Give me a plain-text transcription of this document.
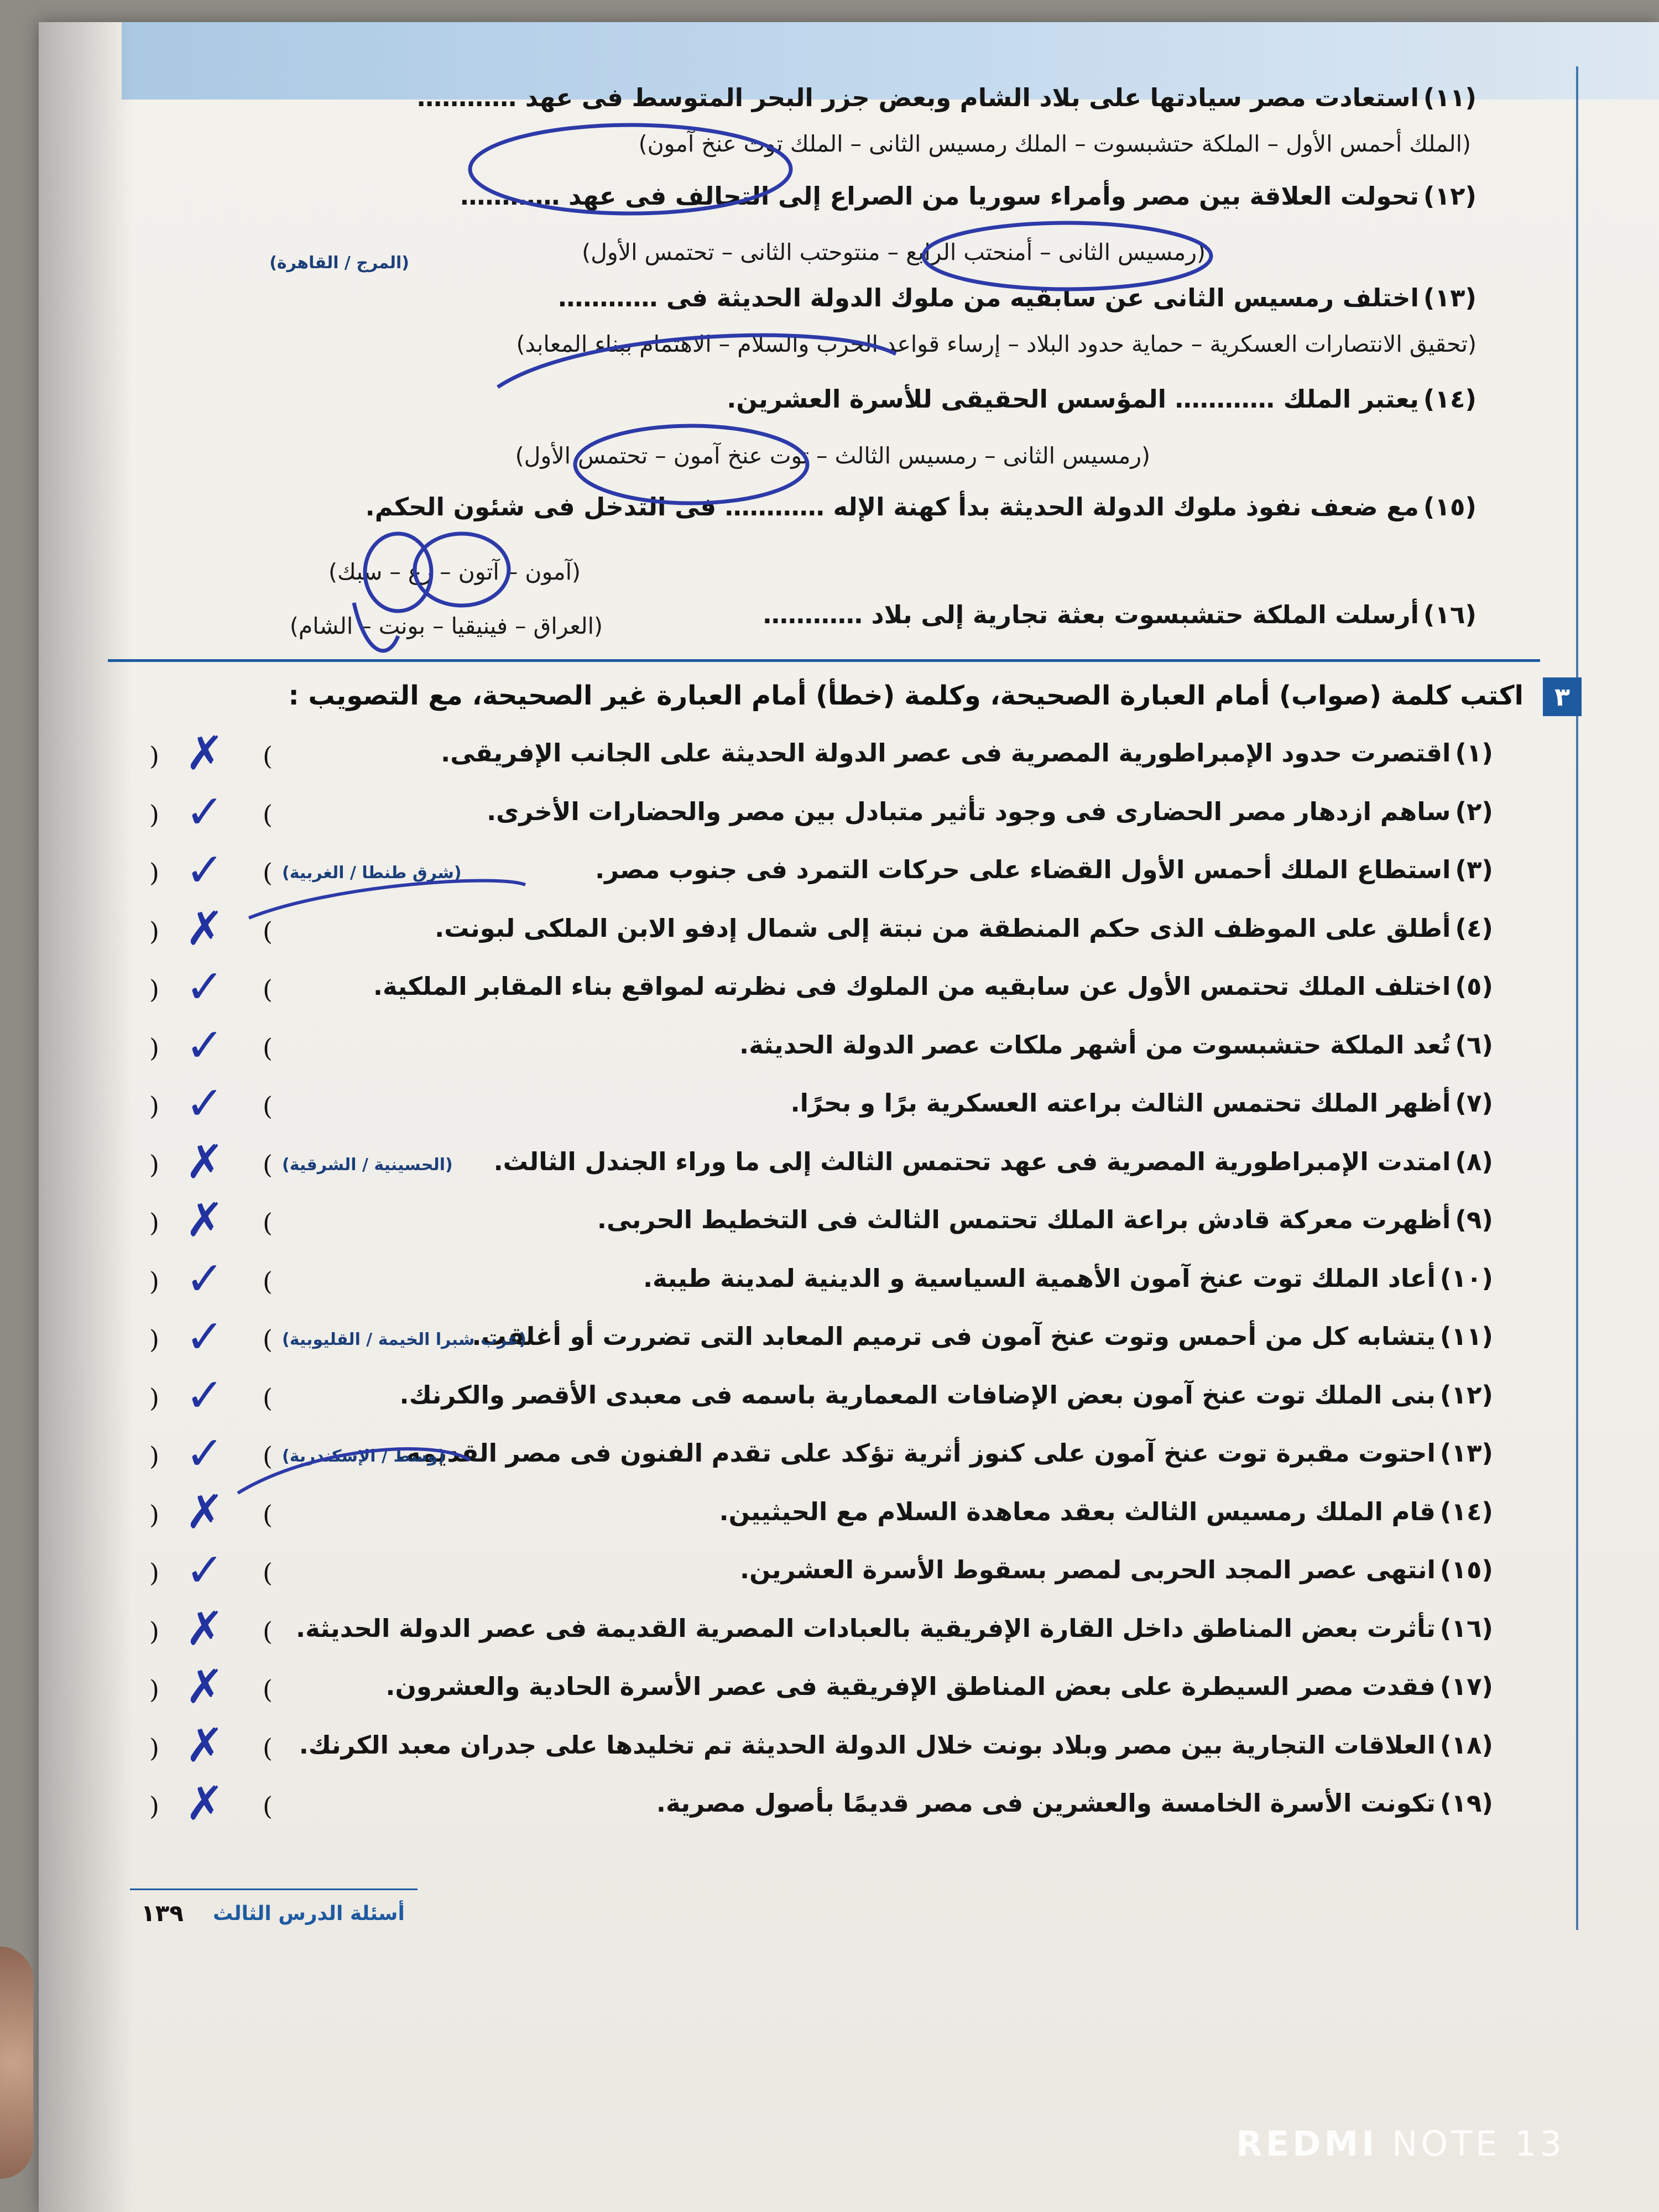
(١١)استعادت مصر سيادتها على بلاد الشام وبعض جزر البحر المتوسط فى عهد …………
(الملك أحمس الأول – الملكة حتشبسوت – الملك رمسيس الثانى – الملك توت عنخ آمون)
(١٢)تحولت العلاقة بين مصر وأمراء سوريا من الصراع إلى التحالف فى عهد …………
(رمسيس الثانى – أمنحتب الرابع – منتوحتب الثانى – تحتمس الأول)
(المرج / القاهرة)
(١٣)اختلف رمسيس الثانى عن سابقيه من ملوك الدولة الحديثة فى …………
(تحقيق الانتصارات العسكرية – حماية حدود البلاد – إرساء قواعد الحرب والسلام – الاهتمام ببناء المعابد)
(١٤)يعتبر الملك ………… المؤسس الحقيقى للأسرة العشرين.
(رمسيس الثانى – رمسيس الثالث – توت عنخ آمون – تحتمس الأول)
(١٥)مع ضعف نفوذ ملوك الدولة الحديثة بدأ كهنة الإله ………… فى التدخل فى شئون الحكم.
(آمون – آتون – رع – سبك)
(١٦)أرسلت الملكة حتشبسوت بعثة تجارية إلى بلاد …………
(العراق – فينيقيا – بونت – الشام)
٣
اكتب كلمة (صواب) أمام العبارة الصحيحة، وكلمة (خطأ) أمام العبارة غير الصحيحة، مع التصويب :
(١)اقتصرت حدود الإمبراطورية المصرية فى عصر الدولة الحديثة على الجانب الإفريقى.
(	)
✗
(٢)ساهم ازدهار مصر الحضارى فى وجود تأثير متبادل بين مصر والحضارات الأخرى.
(	)
✓
(٣)استطاع الملك أحمس الأول القضاء على حركات التمرد فى جنوب مصر.
(شرق طنطا / الغربية)
(	)
✓
(٤)أطلق على الموظف الذى حكم المنطقة من نبتة إلى شمال إدفو الابن الملكى لبونت.
(	)
✗
(٥)اختلف الملك تحتمس الأول عن سابقيه من الملوك فى نظرته لمواقع بناء المقابر الملكية.
(	)
✓
(٦)تُعد الملكة حتشبسوت من أشهر ملكات عصر الدولة الحديثة.
(	)
✓
(٧)أظهر الملك تحتمس الثالث براعته العسكرية برًا و بحرًا.
(	)
✓
(٨)امتدت الإمبراطورية المصرية فى عهد تحتمس الثالث إلى ما وراء الجندل الثالث.
(الحسينية / الشرقية)
(	)
✗
(٩)أظهرت معركة قادش براعة الملك تحتمس الثالث فى التخطيط الحربى.
(	)
✗
(١٠)أعاد الملك توت عنخ آمون الأهمية السياسية و الدينية لمدينة طيبة.
(	)
✓
(١١)يتشابه كل من أحمس وتوت عنخ آمون فى ترميم المعابد التى تضررت أو أغلقت.
(غرب شبرا الخيمة / القليوبية)
(	)
✓
(١٢)بنى الملك توت عنخ آمون بعض الإضافات المعمارية باسمه فى معبدى الأقصر والكرنك.
(	)
✓
(١٣)احتوت مقبرة توت عنخ آمون على كنوز أثرية تؤكد على تقدم الفنون فى مصر القديمة.
(وسط / الإسكندرية)
(	)
✓
(١٤)قام الملك رمسيس الثالث بعقد معاهدة السلام مع الحيثيين.
(	)
✗
(١٥)انتهى عصر المجد الحربى لمصر بسقوط الأسرة العشرين.
(	)
✓
(١٦)تأثرت بعض المناطق داخل القارة الإفريقية بالعبادات المصرية القديمة فى عصر الدولة الحديثة.
(	)
✗
(١٧)فقدت مصر السيطرة على بعض المناطق الإفريقية فى عصر الأسرة الحادية والعشرون.
(	)
✗
(١٨)العلاقات التجارية بين مصر وبلاد بونت خلال الدولة الحديثة تم تخليدها على جدران معبد الكرنك.
(	)
✗
(١٩)تكونت الأسرة الخامسة والعشرين فى مصر قديمًا بأصول مصرية.
(	)
✗
أسئلة الدرس الثالث
١٣٩
REDMI NOTE 13
